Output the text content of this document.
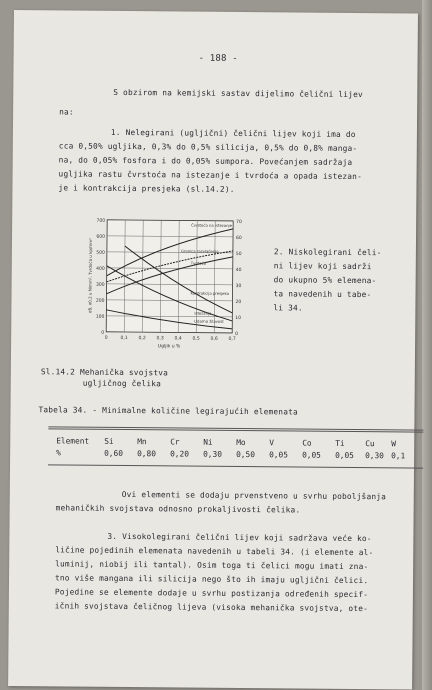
- 188 -
S obzirom na kemijski sastav dijelimo čelični lijev
na:
1. Nelegirani (ugljični) čelični lijev koji ima do
cca 0,50% ugljika, 0,3% do 0,5% silicija, 0,5% do 0,8% manga-
na, do 0,05% fosfora i do 0,05% sumpora. Povećanjem sadržaja
ugljika rastu čvrstoća na istezanje i tvrdoća a opada istezan-
je i kontrakcija presjeka (sl.14.2).
700
600
500
400
300
200
100
0
70
60
50
40
30
20
10
0
0	0,1 0,2 0,3 0,4 0,5 0,6 0,7
Ugljik u %
σB, σ0.2 u N/mm², Tvrdoća u kp/mm²
Čvrstoća na istezanje
Granica razvlačenja
Tvrdoća
Kontrakcija presjeka
Istezanje
Udarna žilavost
2. Niskolegirani čeli-
ni lijev koji sadrži
do ukupno 5% elemena-
ta navedenih u tabe-
li 34.
Sl.14.2 Mehanička svojstva
ugljičnog čelika
Tabela 34. - Minimalne količine legirajućih elemenata
Element Si	Mn	Cr	Ni	Mo	V	Co	Ti	Cu W
%	0,60 0,80 0,20 0,30 0,50 0,05 0,05 0,05 0,30 0,1
Ovi elementi se dodaju prvenstveno u svrhu poboljšanja
mehaničkih svojstava odnosno prokaljivosti čelika.
3. Visokolegirani čelični lijev koji sadržava veće ko-
ličine pojedinih elemenata navedenih u tabeli 34. (i elemente al-
luminij, niobij ili tantal). Osim toga ti čelici mogu imati zna-
tno više mangana ili silicija nego što ih imaju ugljični čelici.
Pojedine se elemente dodaje u svrhu postizanja određenih specif-
ičnih svojstava čeličnog lijeva (visoka mehanička svojstva, ote-
